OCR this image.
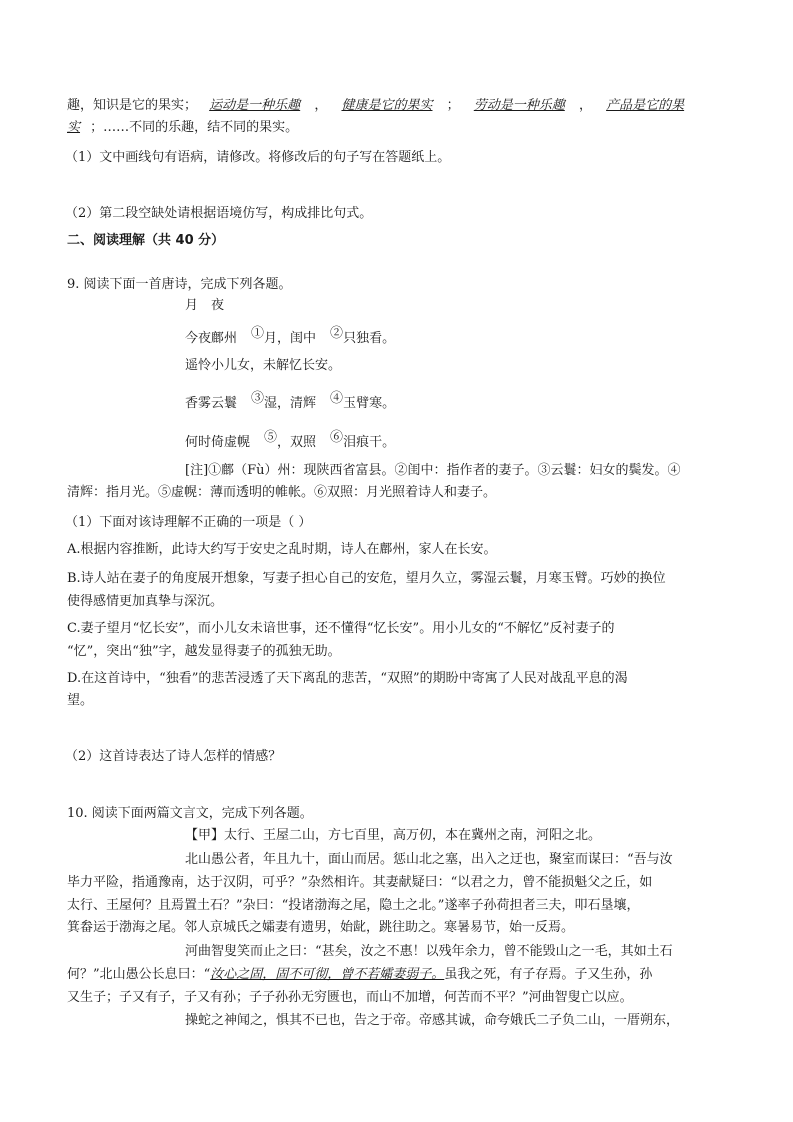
趣，知识是它的果实； 运动是一种乐趣 ， 健康是它的果实 ； 劳动是一种乐趣 ， 产品是它的果
实 ；……不同的乐趣，结不同的果实。
（1）文中画线句有语病，请修改。将修改后的句子写在答题纸上。
（2）第二段空缺处请根据语境仿写，构成排比句式。
二、阅读理解（共 40 分）
9. 阅读下面一首唐诗，完成下列各题。
月　夜
今夜鄜州 ①月，闺中 ②只独看。
遥怜小儿女，未解忆长安。
香雾云鬟 ③湿，清辉 ④玉臂寒。
何时倚虚幌 ⑤，双照 ⑥泪痕干。
[注]①鄜（Fù）州：现陕西省富县。②闺中：指作者的妻子。③云鬟：妇女的鬓发。④
清辉：指月光。⑤虚幌：薄而透明的帷帐。⑥双照：月光照着诗人和妻子。
（1）下面对该诗理解不正确的一项是（ ）
A.根据内容推断，此诗大约写于安史之乱时期，诗人在鄜州，家人在长安。
B.诗人站在妻子的角度展开想象，写妻子担心自己的安危，望月久立，雾湿云鬟，月寒玉臂。巧妙的换位
使得感情更加真挚与深沉。
C.妻子望月“忆长安”，而小儿女未谙世事，还不懂得“忆长安”。用小儿女的“不解忆”反衬妻子的
“忆”，突出“独”字，越发显得妻子的孤独无助。
D.在这首诗中，“独看”的悲苦浸透了天下离乱的悲苦，“双照”的期盼中寄寓了人民对战乱平息的渴
望。
（2）这首诗表达了诗人怎样的情感？
10. 阅读下面两篇文言文，完成下列各题。
【甲】太行、王屋二山，方七百里，高万仞，本在冀州之南，河阳之北。
北山愚公者，年且九十，面山而居。惩山北之塞，出入之迂也，聚室而谋曰：“吾与汝
毕力平险，指通豫南，达于汉阴，可乎？”杂然相许。其妻献疑曰：“以君之力，曾不能损魁父之丘，如
太行、王屋何？且焉置土石？”杂曰：“投诸渤海之尾，隐土之北。”遂率子孙荷担者三夫，叩石垦壤，
箕畚运于渤海之尾。邻人京城氏之孀妻有遗男，始龀，跳往助之。寒暑易节，始一反焉。
河曲智叟笑而止之曰：“甚矣，汝之不惠！以残年余力，曾不能毁山之一毛，其如土石
何？”北山愚公长息曰：“汝心之固，固不可彻，曾不若孀妻弱子。虽我之死，有子存焉。子又生孙，孙
又生子；子又有子，子又有孙；子子孙孙无穷匮也，而山不加增，何苦而不平？”河曲智叟亡以应。
操蛇之神闻之，惧其不已也，告之于帝。帝感其诚，命夸娥氏二子负二山，一厝朔东，
